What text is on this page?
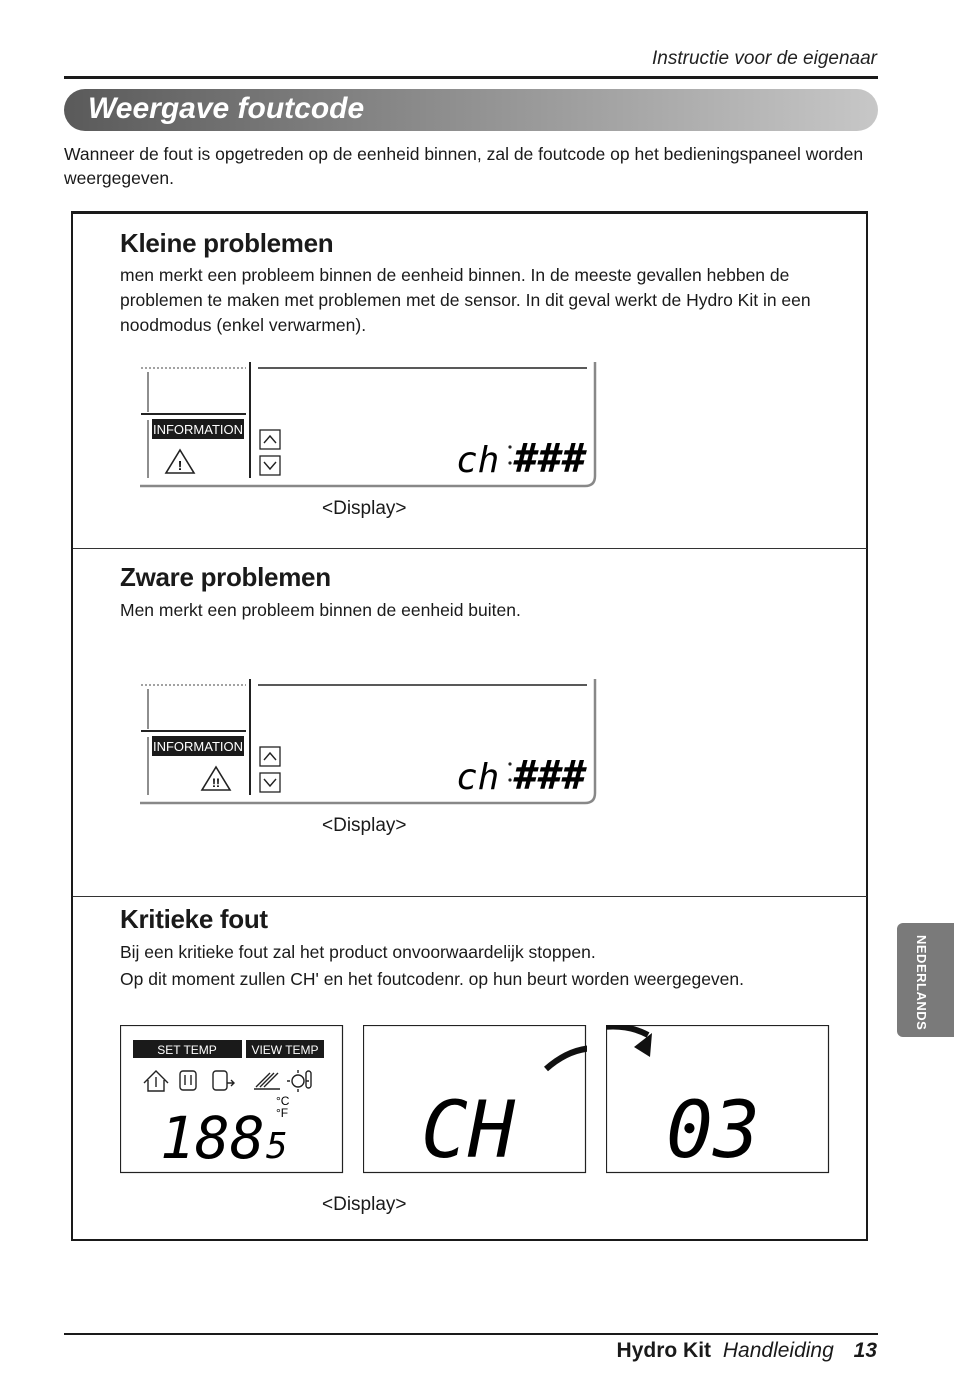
Instructie voor de eigenaar
Weergave foutcode
Wanneer de fout is opgetreden op de eenheid binnen, zal de foutcode op het bedieningspaneel worden weergegeven.
Kleine problemen
men merkt een probleem binnen de eenheid binnen. In de meeste gevallen hebben de problemen te maken met problemen met de sensor. In dit geval werkt de Hydro Kit in een noodmodus (enkel verwarmen).
INFORMATION
!	ch ###
<Display>
Zware problemen
Men merkt een probleem binnen de eenheid buiten.
INFORMATION
!!	ch ###
<Display>
Kritieke fout
Bij een kritieke fout zal het product onvoorwaardelijk stoppen.
Op dit moment zullen CH' en het foutcodenr. op hun beurt worden weergegeven.
SET TEMP	VIEW TEMP
°C
°F
188 5 CH 03
<Display>
NEDERLANDS
Hydro Kit Handleiding 13
